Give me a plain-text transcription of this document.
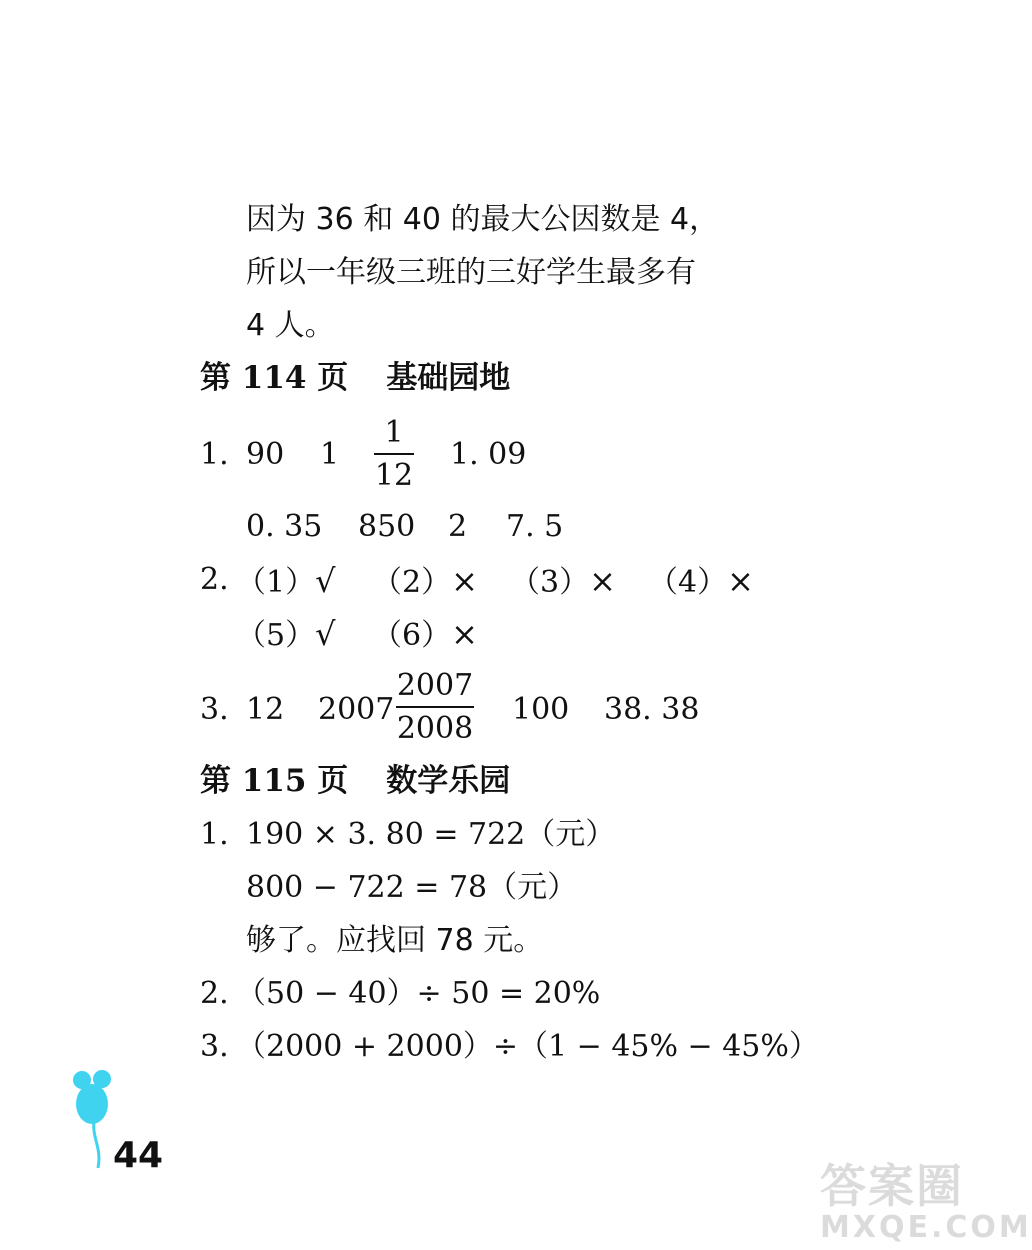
因为 36 和 40 的最大公因数是 4，
所以一年级三班的三好学生最多有
4 人。
第 114 页 基础园地
1. 90 1
1
12
1. 09
0. 35 850 2 7. 5
2. （1）√ （2）× （3）× （4）×
（5）√ （6）×
3. 12 2007
2007
2008
100 38. 38
第 115 页 数学乐园
1. 190 × 3. 80 = 722（元）
800 − 722 = 78（元）
够了。应找回 78 元。
2. （50 − 40）÷ 50 = 20%
3. （2000 + 2000）÷（1 − 45% − 45%）
44
答案圈
MXQE.COM
